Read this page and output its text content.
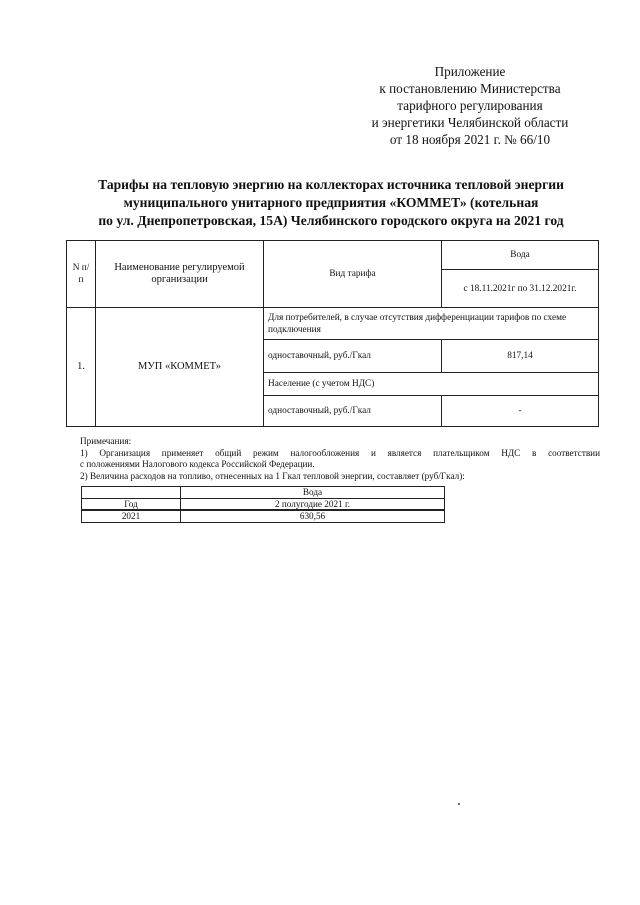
Приложение
к постановлению Министерства
тарифного регулирования
и энергетики Челябинской области
от 18 ноября 2021 г. № 66/10
Тарифы на тепловую энергию на коллекторах источника тепловой энергии
муниципального унитарного предприятия «КОММЕТ» (котельная
по ул. Днепропетровская, 15А) Челябинского городского округа на 2021 год
N п/п	Наименование регулируемой организации	Вид тарифа	Вода
			с 18.11.2021г по 31.12.2021г.
1.	МУП «КОММЕТ»	Для потребителей, в случае отсутствия дифференциации тарифов по схеме подключения	
		одноставочный, руб./Гкал	817,14
		Население (с учетом НДС)	
		одноставочный, руб./Гкал	-
Примечания:
1) Организация применяет общий режим налогообложения и является плательщиком НДС в соответствии
с положениями Налогового кодекса Российской Федерации.
2) Величина расходов на топливо, отнесенных на 1 Гкал тепловой энергии, составляет (руб/Гкал):
	Вода
Год	2 полугодие 2021 г.
2021	630,56
